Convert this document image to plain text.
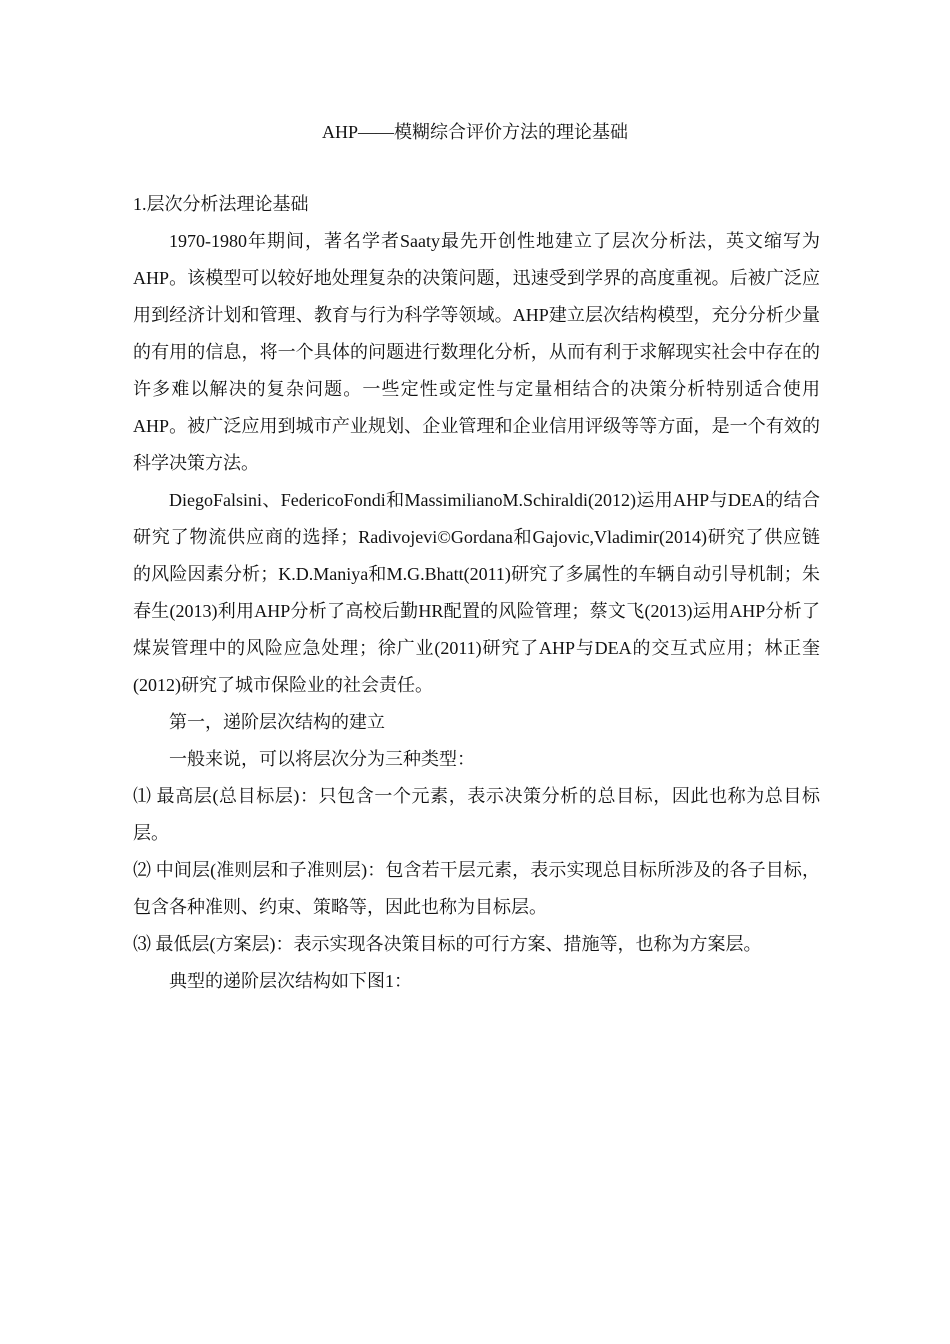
AHP——模糊综合评价方法的理论基础

1.层次分析法理论基础

1970-1980年期间，著名学者Saaty最先开创性地建立了层次分析法，英文缩写为AHP。该模型可以较好地处理复杂的决策问题，迅速受到学界的高度重视。后被广泛应用到经济计划和管理、教育与行为科学等领域。AHP建立层次结构模型，充分分析少量的有用的信息，将一个具体的问题进行数理化分析，从而有利于求解现实社会中存在的许多难以解决的复杂问题。一些定性或定性与定量相结合的决策分析特别适合使用AHP。被广泛应用到城市产业规划、企业管理和企业信用评级等等方面，是一个有效的科学决策方法。

DiegoFalsini、FedericoFondi和MassimilianoM.Schiraldi(2012)运用AHP与DEA的结合研究了物流供应商的选择；Radivojevi©Gordana和Gajovic,Vladimir(2014)研究了供应链的风险因素分析；K.D.Maniya和M.G.Bhatt(2011)研究了多属性的车辆自动引导机制；朱春生(2013)利用AHP分析了高校后勤HR配置的风险管理；蔡文飞(2013)运用AHP分析了煤炭管理中的风险应急处理；徐广业(2011)研究了AHP与DEA的交互式应用；林正奎(2012)研究了城市保险业的社会责任。

第一，递阶层次结构的建立

一般来说，可以将层次分为三种类型：

⑴ 最高层(总目标层)：只包含一个元素，表示决策分析的总目标，因此也称为总目标层。

⑵ 中间层(准则层和子准则层)：包含若干层元素，表示实现总目标所涉及的各子目标，包含各种准则、约束、策略等，因此也称为目标层。

⑶ 最低层(方案层)：表示实现各决策目标的可行方案、措施等，也称为方案层。

典型的递阶层次结构如下图1：
